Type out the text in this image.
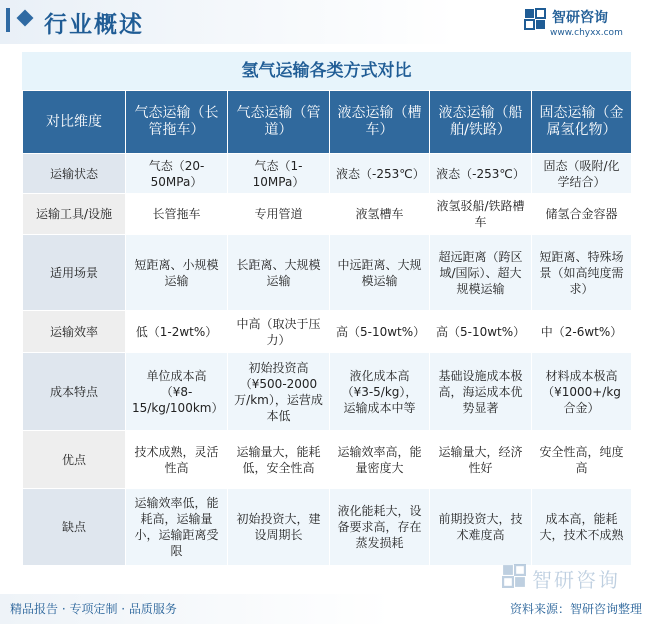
行业概述	智研咨询
www.chyxx.com
氢气运输各类方式对比
对比维度	气态运输（长管拖车）	气态运输（管道）	液态运输（槽车）	液态运输（船舶/铁路）	固态运输（金属氢化物）
运输状态	气态（20-50MPa）	气态（1-10MPa）	液态（-253℃）	液态（-253℃）	固态（吸附/化学结合）
运输工具/设施	长管拖车	专用管道	液氢槽车	液氢驳船/铁路槽车	储氢合金容器
适用场景	短距离、小规模运输	长距离、大规模运输	中远距离、大规模运输	超远距离（跨区域/国际）、超大规模运输	短距离、特殊场景（如高纯度需求）
运输效率	低（1-2wt%）	中高（取决于压力）	高（5-10wt%）	高（5-10wt%）	中（2-6wt%）
成本特点	单位成本高（¥8-15/kg/100km）	初始投资高（¥500-2000万/km），运营成本低	液化成本高（¥3-5/kg），运输成本中等	基础设施成本极高，海运成本优势显著	材料成本极高（¥1000+/kg合金）
优点	技术成熟，灵活性高	运输量大，能耗低，安全性高	运输效率高，能量密度大	运输量大，经济性好	安全性高，纯度高
缺点	运输效率低，能耗高，运输量小，运输距离受限	初始投资大，建设周期长	液化能耗大，设备要求高，存在蒸发损耗	前期投资大，技术难度高	成本高，能耗大，技术不成熟
智研咨询
精品报告 · 专项定制 · 品质服务	资料来源：智研咨询整理
